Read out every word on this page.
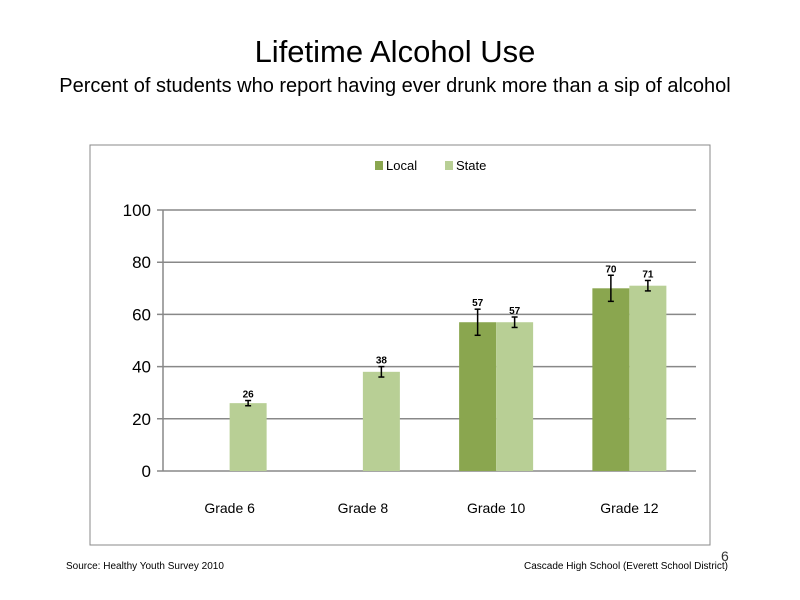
Lifetime Alcohol Use
Percent of students who report having ever drunk more than a sip of alcohol
Local	State
26
38
57
57
70	71
0
20
40
60
80
100
Grade 6	Grade 8	Grade 10	Grade 12
Source: Healthy Youth Survey 2010	Cascade High School (Everett School District)
6
